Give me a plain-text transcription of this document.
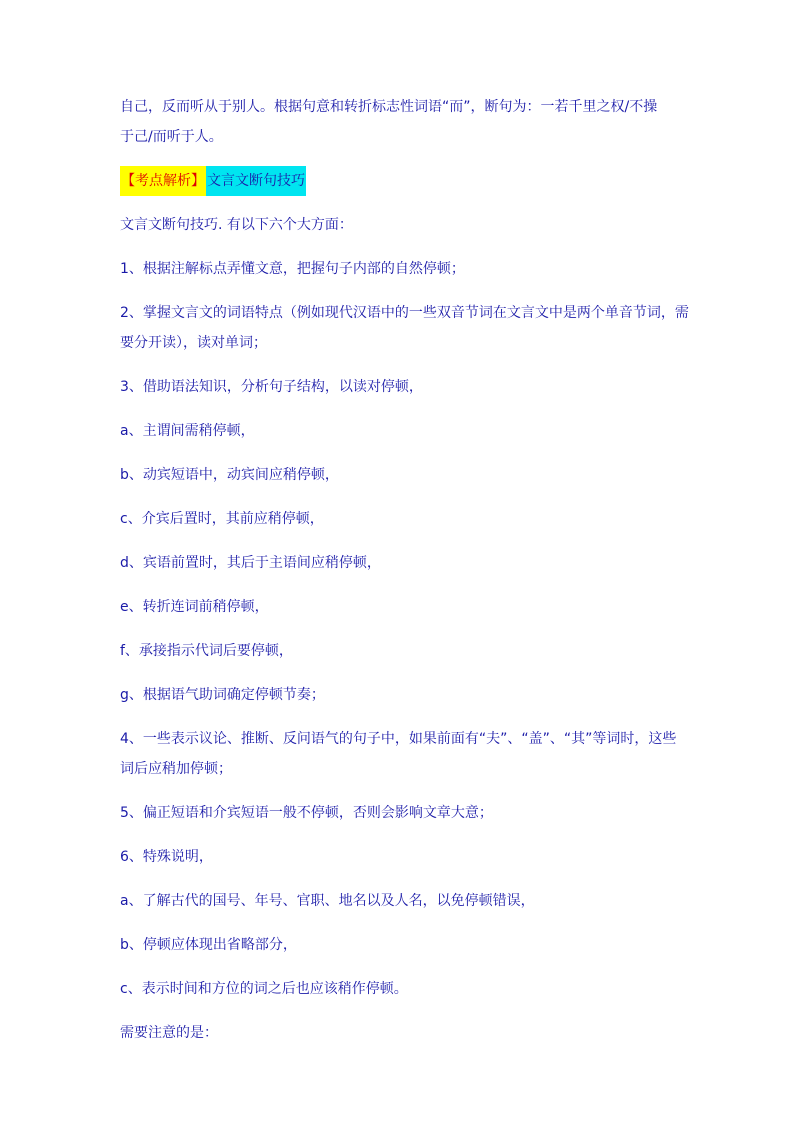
自己，反而听从于别人。根据句意和转折标志性词语“而”，断句为：一若千里之权/不操
于己/而听于人。

【考点解析】 文言文断句技巧

文言文断句技巧. 有以下六个大方面：

1、根据注解标点弄懂文意，把握句子内部的自然停顿；

2、掌握文言文的词语特点（例如现代汉语中的一些双音节词在文言文中是两个单音节词，需要分开读），读对单词；

3、借助语法知识，分析句子结构，以读对停顿，

a、主谓间需稍停顿，

b、动宾短语中，动宾间应稍停顿，

c、介宾后置时，其前应稍停顿，

d、宾语前置时，其后于主语间应稍停顿，

e、转折连词前稍停顿，

f、承接指示代词后要停顿，

g、根据语气助词确定停顿节奏；

4、一些表示议论、推断、反问语气的句子中，如果前面有“夫”、“盖”、“其”等词时，这些词后应稍加停顿；

5、偏正短语和介宾短语一般不停顿，否则会影响文章大意；

6、特殊说明，

a、了解古代的国号、年号、官职、地名以及人名，以免停顿错误，

b、停顿应体现出省略部分，

c、表示时间和方位的词之后也应该稍作停顿。

需要注意的是：
